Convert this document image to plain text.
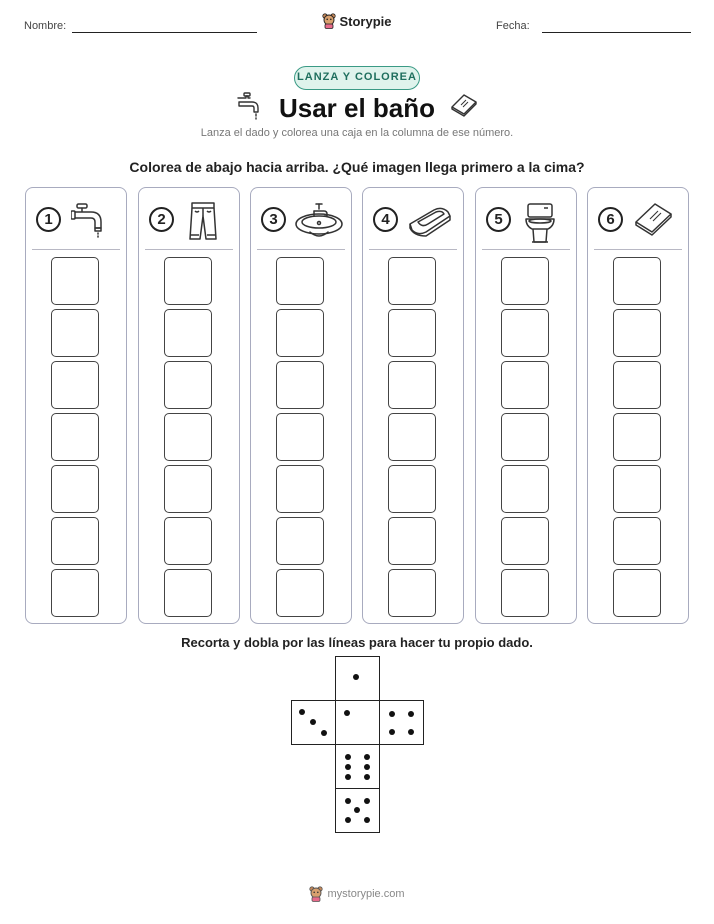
Nombre:	Storypie	Fecha:
LANZA Y COLOREA
Usar el baño
Lanza el dado y colorea una caja en la columna de ese número.
Colorea de abajo hacia arriba. ¿Qué imagen llega primero a la cima?
1	2	3	4	5	6
Recorta y dobla por las líneas para hacer tu propio dado.
mystorypie.com
